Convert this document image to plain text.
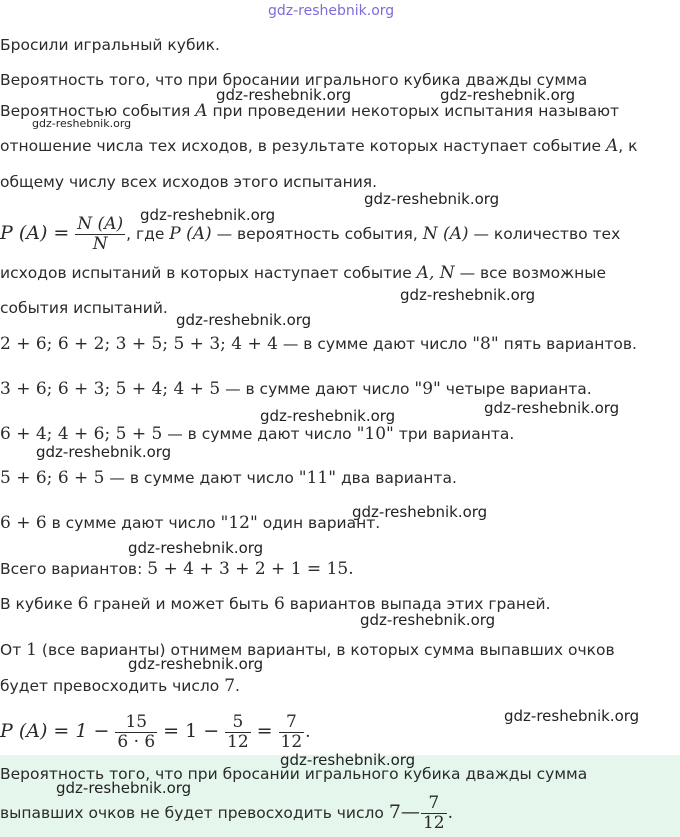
Бросили игральный кубик.
Вероятность того, что при бросании игрального кубика дважды сумма
Вероятностью события A при проведении некоторых испытания называют
отношение числа тех исходов, в результате которых наступает событие A, к
общему числу всех исходов этого испытания.
P $(A) = \frac{N (A)}{N}$ , где P (A) — вероятность события, N (A) — количество тех
исходов испытаний в которых наступает событие A, N — все возможные
события испытаний.
2 + 6; 6 + 2; 3 + 5; 5 + 3; 4 + 4 — в сумме дают число "8" пять вариантов.
3 + 6; 6 + 3; 5 + 4; 4 + 5 — в сумме дают число "9" четыре варианта.
6 + 4; 4 + 6; 5 + 5 — в сумме дают число "10" три варианта.
5 + 6; 6 + 5 — в сумме дают число "11" два варианта.
6 + 6 в сумме дают число "12" один вариант.
Всего вариантов: 5 + 4 + 3 + 2 + 1 = 15.
В кубике 6 граней и может быть 6 вариантов выпада этих граней.
От 1 (все варианты) отнимем варианты, в которых сумма выпавших очков
будет превосходить число 7.
P $(A) = 1 - \frac{15}{6 \cdot 6} = 1 - \frac{5}{12} = \frac{7}{12}$ .
Вероятность того, что при бросании игрального кубика дважды сумма
выпавших очков не будет превосходить число 7— $\frac{7}{12}$ .
gdz-reshebnik.org
gdz-reshebnik.org	gdz-reshebnik.org
gdz-reshebnik.org
gdz-reshebnik.org
gdz-reshebnik.org
gdz-reshebnik.org
gdz-reshebnik.org
gdz-reshebnik.org
gdz-reshebnik.org
gdz-reshebnik.org
gdz-reshebnik.org
gdz-reshebnik.org
gdz-reshebnik.org
gdz-reshebnik.org
gdz-reshebnik.org
gdz-reshebnik.org
gdz-reshebnik.org
